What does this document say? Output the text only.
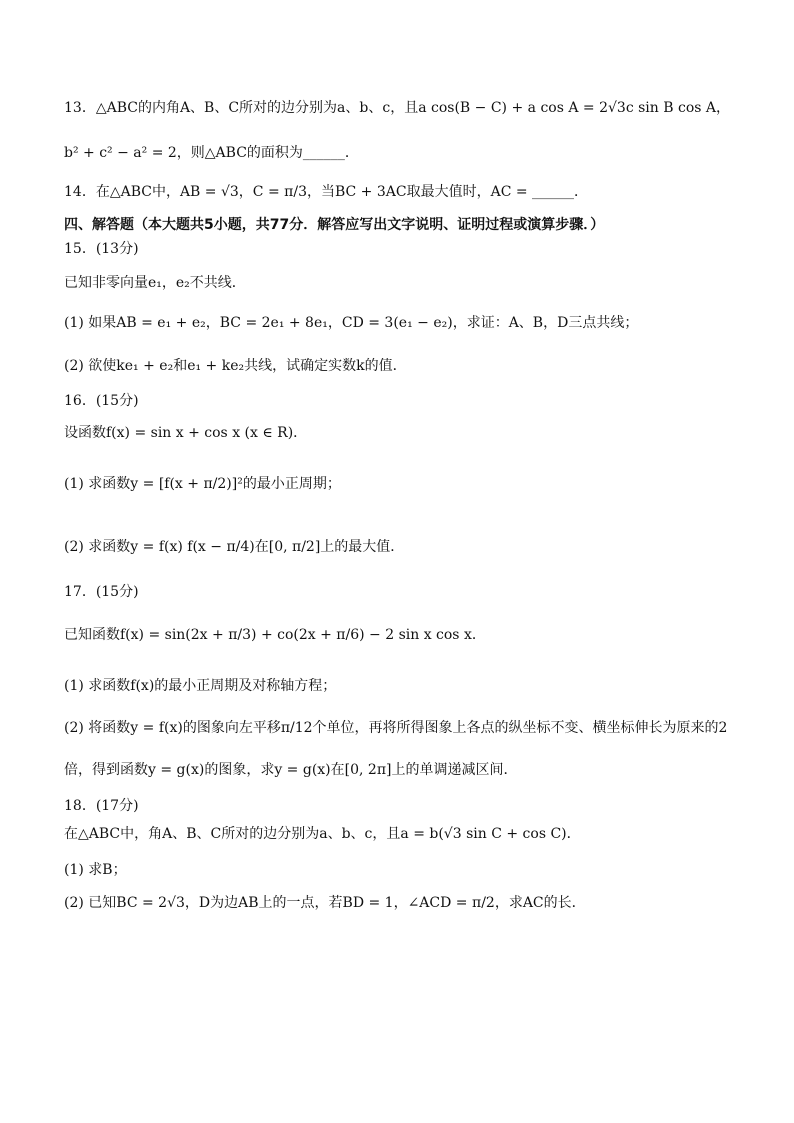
13．△ABC的内角A、B、C所对的边分别为a、b、c，且a cos(B − C) + a cos A = 2√3c sin B cos A，
b² + c² − a² = 2，则△ABC的面积为______．
14．在△ABC中，AB = √3，C = π/3，当BC + 3AC取最大值时，AC = ______．
四、解答题（本大题共5小题，共77分．解答应写出文字说明、证明过程或演算步骤．）
15．(13分)
已知非零向量e₁，e₂不共线．
(1) 如果AB = e₁ + e₂，BC = 2e₁ + 8e₁，CD = 3(e₁ − e₂)，求证：A、B，D三点共线；
(2) 欲使ke₁ + e₂和e₁ + ke₂共线，试确定实数k的值．
16．(15分)
设函数f(x) = sin x + cos x (x ∈ R)．
(1) 求函数y = [f(x + π/2)]²的最小正周期；
(2) 求函数y = f(x) f(x − π/4)在[0, π/2]上的最大值．
17．(15分)
已知函数f(x) = sin(2x + π/3) + co(2x + π/6) − 2 sin x cos x．
(1) 求函数f(x)的最小正周期及对称轴方程；
(2) 将函数y = f(x)的图象向左平移π/12个单位，再将所得图象上各点的纵坐标不变、横坐标伸长为原来的2
倍，得到函数y = g(x)的图象，求y = g(x)在[0, 2π]上的单调递减区间．
18．(17分)
在△ABC中，角A、B、C所对的边分别为a、b、c，且a = b(√3 sin C + cos C)．
(1) 求B；
(2) 已知BC = 2√3，D为边AB上的一点，若BD = 1，∠ACD = π/2，求AC的长．
